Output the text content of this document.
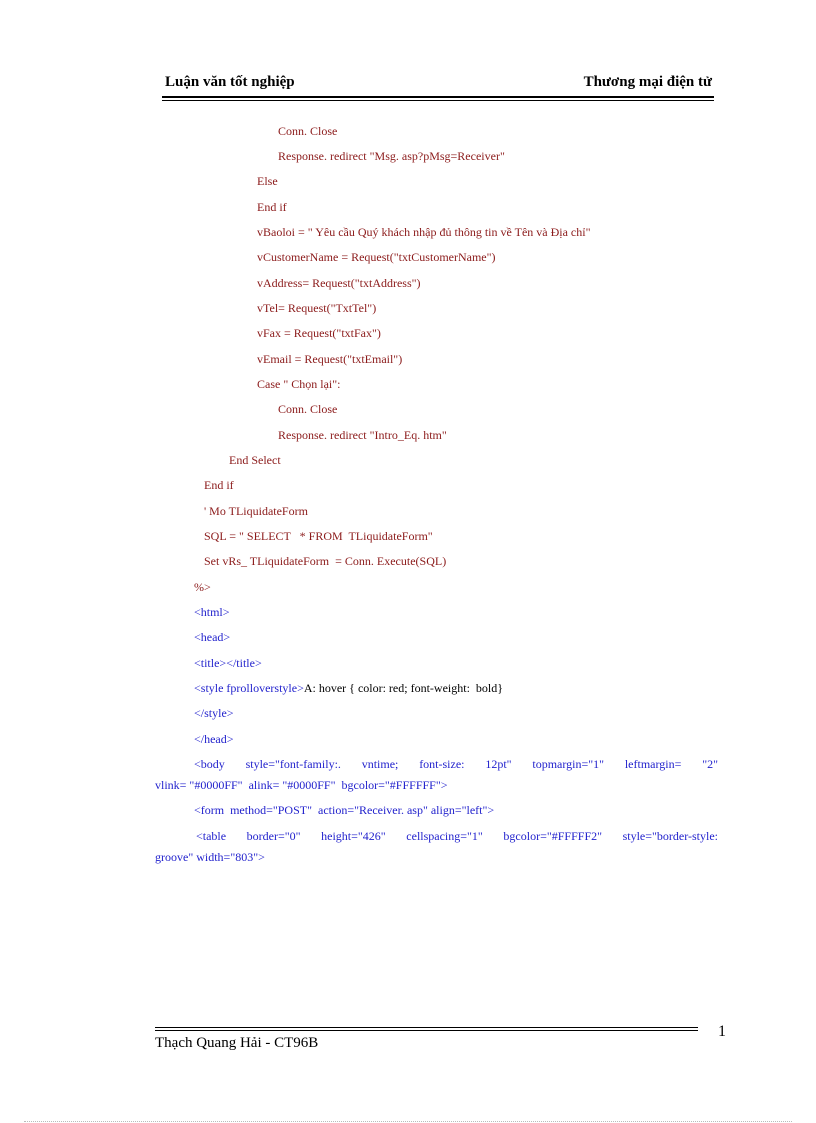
Luận văn tốt nghiệp	Thương mại điện tử
Conn. Close
Response. redirect "Msg. asp?pMsg=Receiver"
Else
End if
vBaoloi = " Yêu cầu Quý khách nhập đủ thông tin về Tên và Địa chỉ"
vCustomerName = Request("txtCustomerName")
vAddress= Request("txtAddress")
vTel= Request("TxtTel")
vFax = Request("txtFax")
vEmail = Request("txtEmail")
Case " Chọn lại":
Conn. Close
Response. redirect "Intro_Eq. htm"
End Select
End if
' Mo TLiquidateForm
SQL = " SELECT   * FROM  TLiquidateForm"
Set vRs_ TLiquidateForm  = Conn. Execute(SQL)
%>
<html>
<head>
<title></title>
<style fprolloverstyle>A: hover { color: red; font-weight:  bold}
</style>
</head>
<body style="font-family:. vntime; font-size: 12pt" topmargin="1" leftmargin= "2"
vlink= "#0000FF"  alink= "#0000FF"  bgcolor="#FFFFFF">
<form  method="POST"  action="Receiver. asp" align="left">
<table border="0" height="426" cellspacing="1" bgcolor="#FFFFF2" style="border-style:
groove" width="803">
Thạch Quang Hải - CT96B
1
